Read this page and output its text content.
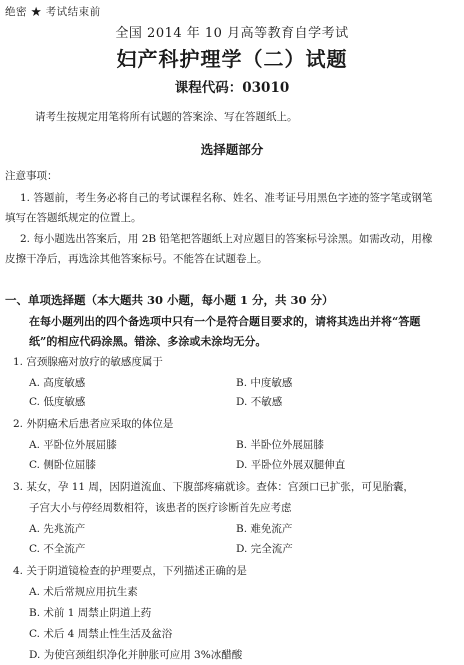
绝密 ★ 考试结束前
全国 2014 年 10 月高等教育自学考试
妇产科护理学（二）试题
课程代码：03010
请考生按规定用笔将所有试题的答案涂、写在答题纸上。
选择题部分
注意事项：
1. 答题前，考生务必将自己的考试课程名称、姓名、准考证号用黑色字迹的签字笔或钢笔
填写在答题纸规定的位置上。
2. 每小题选出答案后，用 2B 铅笔把答题纸上对应题目的答案标号涂黑。如需改动，用橡
皮擦干净后，再选涂其他答案标号。不能答在试题卷上。
一、单项选择题（本大题共 30 小题，每小题 1 分，共 30 分）
在每小题列出的四个备选项中只有一个是符合题目要求的，请将其选出并将“答题
纸”的相应代码涂黑。错涂、多涂或未涂均无分。
1. 宫颈腺癌对放疗的敏感度属于
A. 高度敏感	B. 中度敏感
C. 低度敏感	D. 不敏感
2. 外阴癌术后患者应采取的体位是
A. 平卧位外展屈膝	B. 半卧位外展屈膝
C. 侧卧位屈膝	D. 平卧位外展双腿伸直
3. 某女，孕 11 周，因阴道流血、下腹部疼痛就诊。查体：宫颈口已扩张，可见胎囊，
子宫大小与停经周数相符，该患者的医疗诊断首先应考虑
A. 先兆流产	B. 难免流产
C. 不全流产	D. 完全流产
4. 关于阴道镜检查的护理要点，下列描述正确的是
A. 术后常规应用抗生素
B. 术前 1 周禁止阴道上药
C. 术后 4 周禁止性生活及盆浴
D. 为使宫颈组织净化并肿胀可应用 3%冰醋酸
